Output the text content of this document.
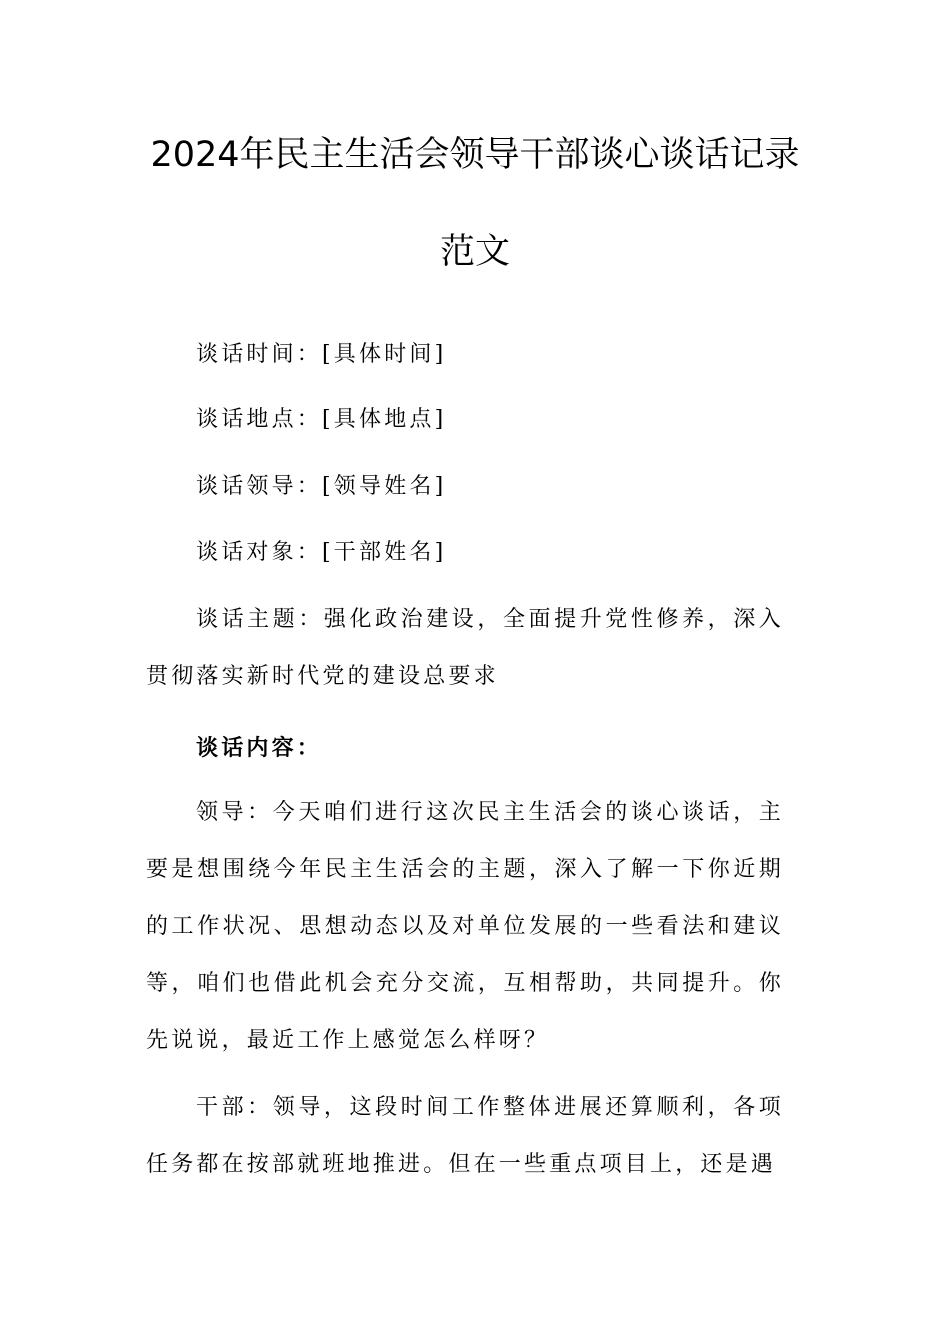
2024年民主生活会领导干部谈心谈话记录
范文
谈话时间：[具体时间]
谈话地点：[具体地点]
谈话领导：[领导姓名]
谈话对象：[干部姓名]
谈话主题：强化政治建设，全面提升党性修养，深入贯彻落实新时代党的建设总要求
谈话内容：
领导：今天咱们进行这次民主生活会的谈心谈话，主要是想围绕今年民主生活会的主题，深入了解一下你近期的工作状况、思想动态以及对单位发展的一些看法和建议等，咱们也借此机会充分交流，互相帮助，共同提升。你先说说，最近工作上感觉怎么样呀？
干部：领导，这段时间工作整体进展还算顺利，各项任务都在按部就班地推进。但在一些重点项目上，还是遇
